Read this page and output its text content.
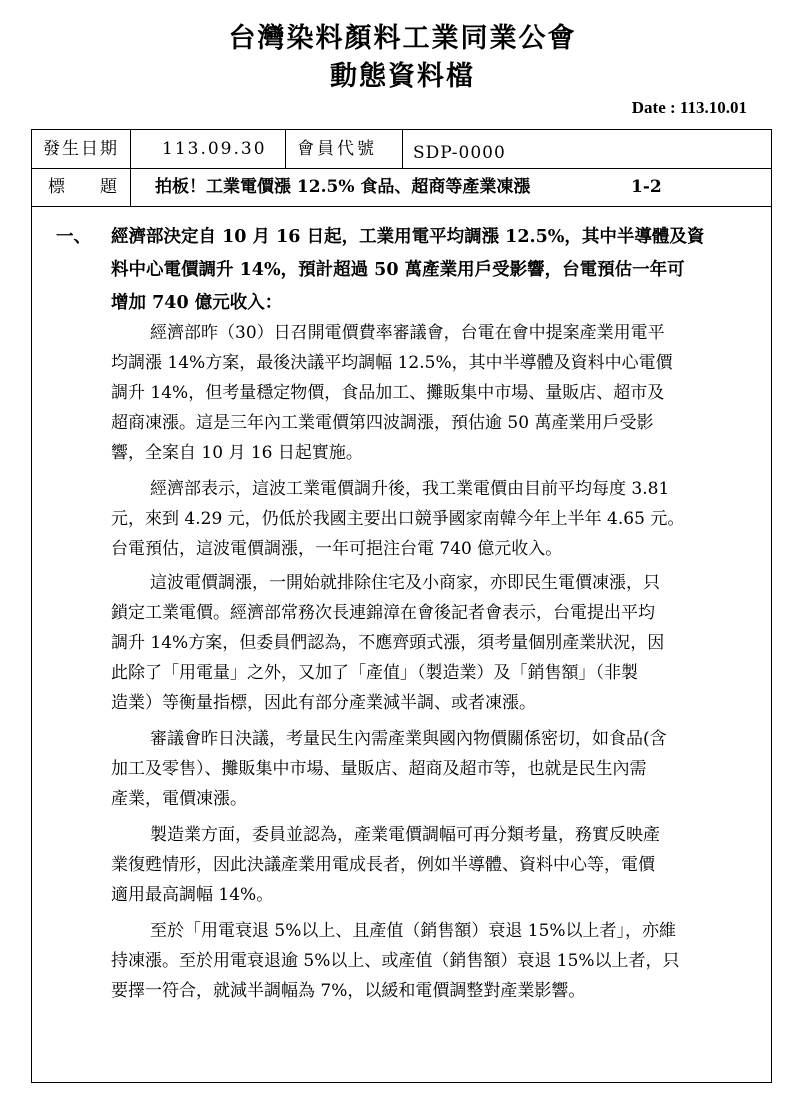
台灣染料顏料工業同業公會
動態資料檔
Date : 113.10.01
發生日期	113.09.30 會員代號 SDP-0000
標 題 拍板！工業電價漲 12.5% 食品、超商等產業凍漲	1-2
一、 經濟部決定自 10 月 16 日起，工業用電平均調漲 12.5%，其中半導體及資
料中心電價調升 14%，預計超過 50 萬產業用戶受影響，台電預估一年可
增加 740 億元收入：
經濟部昨（30）日召開電價費率審議會，台電在會中提案產業用電平
均調漲 14%方案，最後決議平均調幅 12.5%，其中半導體及資料中心電價
調升 14%，但考量穩定物價，食品加工、攤販集中市場、量販店、超市及
超商凍漲。這是三年內工業電價第四波調漲，預估逾 50 萬產業用戶受影
響，全案自 10 月 16 日起實施。
經濟部表示，這波工業電價調升後，我工業電價由目前平均每度 3.81
元，來到 4.29 元，仍低於我國主要出口競爭國家南韓今年上半年 4.65 元。
台電預估，這波電價調漲，一年可挹注台電 740 億元收入。
這波電價調漲，一開始就排除住宅及小商家，亦即民生電價凍漲，只
鎖定工業電價。經濟部常務次長連錦漳在會後記者會表示，台電提出平均
調升 14%方案，但委員們認為，不應齊頭式漲，須考量個別產業狀況，因
此除了「用電量」之外，又加了「產值」（製造業）及「銷售額」（非製
造業）等衡量指標，因此有部分產業減半調、或者凍漲。
審議會昨日決議，考量民生內需產業與國內物價關係密切，如食品(含
加工及零售）、攤販集中市場、量販店、超商及超市等，也就是民生內需
產業，電價凍漲。
製造業方面，委員並認為，產業電價調幅可再分類考量，務實反映產
業復甦情形，因此決議產業用電成長者，例如半導體、資料中心等，電價
適用最高調幅 14%。
至於「用電衰退 5%以上、且產值（銷售額）衰退 15%以上者」，亦維
持凍漲。至於用電衰退逾 5%以上、或產值（銷售額）衰退 15%以上者，只
要擇一符合，就減半調幅為 7%，以緩和電價調整對產業影響。
